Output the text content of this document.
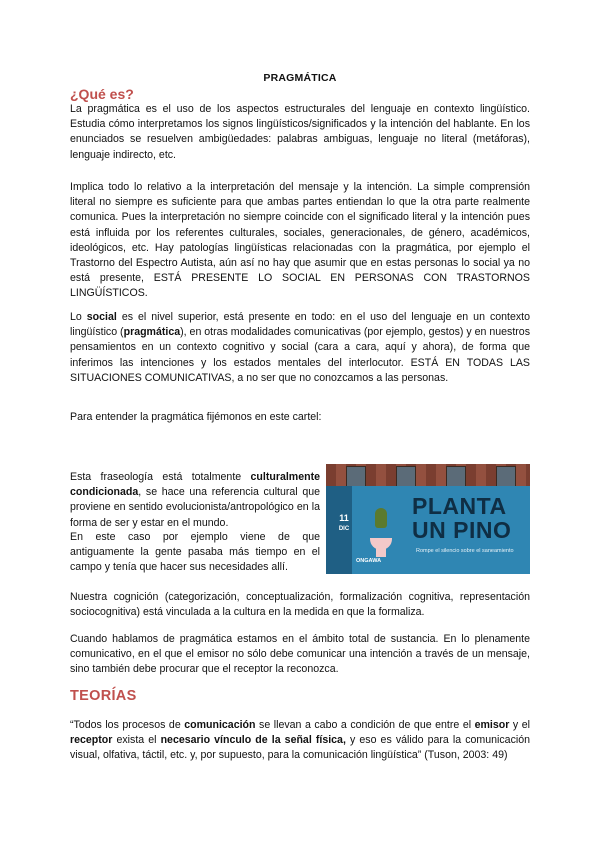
PRAGMÁTICA
¿Qué es?
La pragmática es el uso de los aspectos estructurales del lenguaje en contexto lingüístico. Estudia cómo interpretamos los signos lingüísticos/significados y la intención del hablante. En los enunciados se resuelven ambigüedades: palabras ambiguas, lenguaje no literal (metáforas), lenguaje indirecto, etc.
Implica todo lo relativo a la interpretación del mensaje y la intención. La simple comprensión literal no siempre es suficiente para que ambas partes entiendan lo que la otra parte realmente comunica. Pues la interpretación no siempre coincide con el significado literal y la intención pues está influida por los referentes culturales, sociales, generacionales, de género, académicos, ideológicos, etc. Hay patologías lingüísticas relacionadas con la pragmática, por ejemplo el Trastorno del Espectro Autista, aún así no hay que asumir que en estas personas lo social ya no está presente, ESTÁ PRESENTE LO SOCIAL EN PERSONAS CON TRASTORNOS LINGÜÍSTICOS.
Lo social es el nivel superior, está presente en todo: en el uso del lenguaje en un contexto lingüístico (pragmática), en otras modalidades comunicativas (por ejemplo, gestos) y en nuestros pensamientos en un contexto cognitivo y social (cara a cara, aquí y ahora), de forma que inferimos las intenciones y los estados mentales del interlocutor. ESTÁ EN TODAS LAS SITUACIONES COMUNICATIVAS, a no ser que no conozcamos a las personas.
Para entender la pragmática fijémonos en este cartel:
Esta fraseología está totalmente culturalmente condicionada, se hace una referencia cultural que proviene en sentido evolucionista/antropológico en la forma de ser y estar en el mundo.
En este caso por ejemplo viene de que antiguamente la gente pasaba más tiempo en el campo y tenía que hacer sus necesidades allí.
11
DIC
PLANTA
UN PINO
Rompe el silencio sobre el saneamiento
ONGAWA
Nuestra cognición (categorización, conceptualización, formalización cognitiva, representación sociocognitiva) está vinculada a la cultura en la medida en que la formaliza.
Cuando hablamos de pragmática estamos en el ámbito total de sustancia. En lo plenamente comunicativo, en el que el emisor no sólo debe comunicar una intención a través de un mensaje, sino también debe procurar que el receptor la reconozca.
TEORÍAS
“Todos los procesos de comunicación se llevan a cabo a condición de que entre el emisor y el receptor exista el necesario vínculo de la señal física, y eso es válido para la comunicación visual, olfativa, táctil, etc. y, por supuesto, para la comunicación lingüística” (Tuson, 2003: 49)
